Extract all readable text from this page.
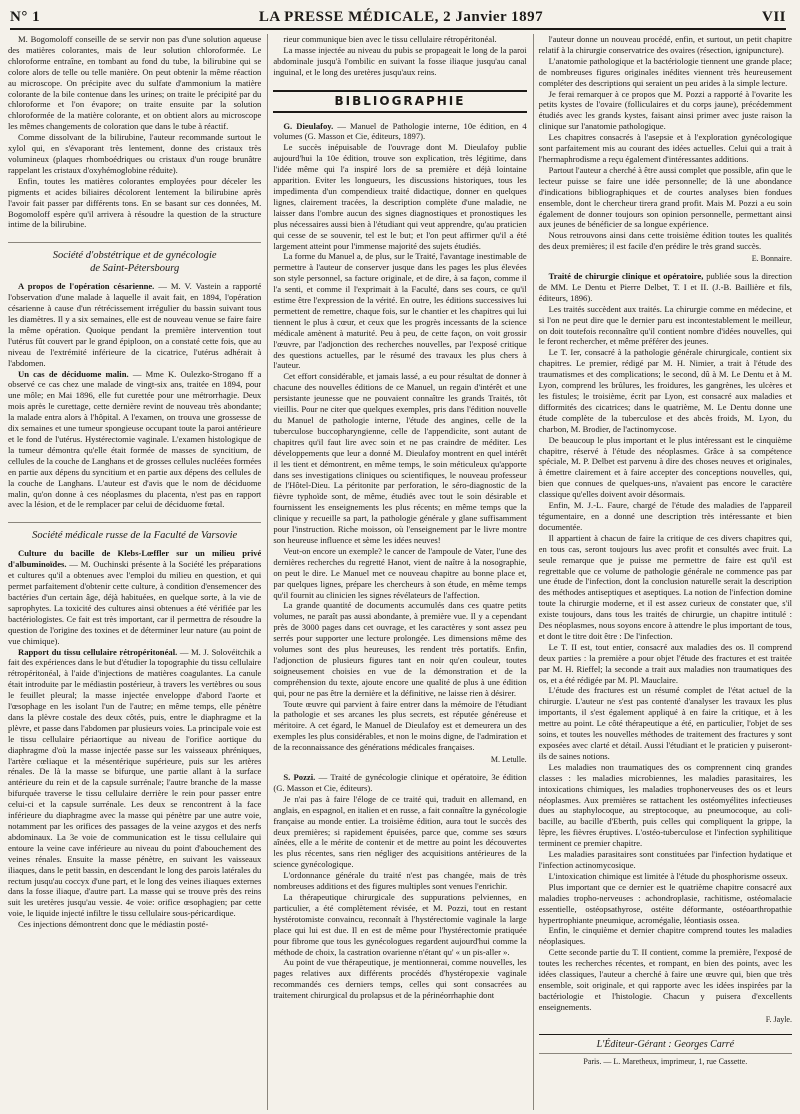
N° 1	LA PRESSE MÉDICALE, 2 Janvier 1897	VII

M. Bogomoloff conseille de se servir non pas d'une solution aqueuse des matières colorantes, mais de leur solution chloroformée. Le chloroforme entraîne, en tombant au fond du tube, la bilirubine qui se colore alors de telle ou telle manière. On peut obtenir la même réaction au microscope. On précipite avec du sulfate d'ammonium la matière colorante de la bile contenue dans les urines; on traite le précipité par du chloroforme et l'on évapore; on traite ensuite par la solution chloroformée de la matière colorante, et on obtient alors au microscope les mêmes changements de coloration que dans le tube à réactif.

Comme dissolvant de la bilirubine, l'auteur recommande surtout le xylol qui, en s'évaporant très lentement, donne des cristaux très volumineux (plaques rhomboédriques ou cristaux d'un rouge brunâtre rappelant les cristaux d'oxyhémoglobine réduite).

Enfin, toutes les matières colorantes employées pour déceler les pigments et acides biliaires décolorent lentement la bilirubine après l'avoir fait passer par différents tons. En se basant sur ces données, M. Bogomoloff espère qu'il arrivera à résoudre la question de la structure intime de la bilirubine.

Société d'obstétrique et de gynécologie
de Saint-Pétersbourg

A propos de l'opération césarienne. — M. V. Vastein a rapporté l'observation d'une malade à laquelle il avait fait, en 1894, l'opération césarienne à cause d'un rétrécissement irrégulier du bassin suivant tous les diamètres. Il y a six semaines, elle est de nouveau venue se faire faire la même opération. Quoique pendant la première intervention tout l'utérus fût couvert par le grand épiploon, on a constaté cette fois, que au niveau de l'extrémité inférieure de la cicatrice, l'utérus adhérait à l'abdomen.

Un cas de déciduome malin. — Mme K. Oulezko-Strogano ff a observé ce cas chez une malade de vingt-six ans, traitée en 1894, pour une môle; en Mai 1896, elle fut curettée pour une métrorrhagie. Deux mois après le curettage, cette dernière revint de nouveau très abondante; la malade entra alors à l'hôpital. A l'examen, on trouva une grossesse de dix semaines et une tumeur spongieuse occupant toute la paroi antérieure et le fond de l'utérus. Hystérectomie vaginale. L'examen histologique de la tumeur démontra qu'elle était formée de masses de syncitium, de cellules de la couche de Langhans et de grosses cellules nucléées formées en partie aux dépens du syncitium et en partie aux dépens des cellules de la couche de Langhans. L'auteur est d'avis que le nom de déciduome malin, qu'on donne à ces néoplasmes du placenta, n'est pas en rapport avec la lésion, et de le remplacer par celui de déciduome fœtal.

Société médicale russe de la Faculté de Varsovie

Culture du bacille de Klebs-Lœffler sur un milieu privé d'albuminoïdes. — M. Ouchinski présente à la Société les préparations et cultures qu'il a obtenues avec l'emploi du milieu en question, et qui permet parfaitement d'obtenir cette culture, à condition d'ensemencer des bactéries d'un certain âge, déjà habituées, en quelque sorte, à la vie de saprophytes. La toxicité des cultures ainsi obtenues a été vérifiée par les bactériologistes. Ce fait est très important, car il permettra de résoudre la question de l'origine des toxines et de déterminer leur nature (au point de vue chimique).

Rapport du tissu cellulaire rétropéritonéal. — M. J. Solovéitchik a fait des expériences dans le but d'étudier la topographie du tissu cellulaire rétropéritonéal, à l'aide d'injections de matières coagulantes. La canule était introduite par le médiastin postérieur, à travers les vertèbres ou sous le feuillet pleural; la masse injectée enveloppe d'abord l'aorte et l'œsophage en les isolant l'un de l'autre; en même temps, elle pénètre dans la plèvre costale des deux côtés, puis, entre le diaphragme et la plèvre, et passe dans l'abdomen par plusieurs voies. La principale voie est le tissu cellulaire périaortique au niveau de l'orifice aortique du diaphragme d'où la masse injectée passe sur les vaisseaux phréniques, l'artère cœliaque et la mésentérique supérieure, puis sur les artères rénales. De là la masse se bifurque, une partie allant à la surface antérieure du rein et de la capsule surrénale; l'autre branche de la masse bifurquée traverse le tissu cellulaire derrière le rein pour passer entre celui-ci et la capsule surrénale. Les deux se rencontrent à la face inférieure du diaphragme avec la masse qui pénètre par une autre voie, notamment par les orifices des passages de la veine azygos et des nerfs abdominaux. La 3e voie de communication est le tissu cellulaire qui entoure la veine cave inférieure au niveau du point d'abouchement des veines rénales. Ensuite la masse pénètre, en suivant les vaisseaux iliaques, dans le petit bassin, en descendant le long des parois latérales du rectum jusqu'au coccyx d'une part, et le long des veines iliaques externes dans la fosse iliaque, d'autre part. La masse qui se trouve près des reins suit les uretères jusqu'au vessie. 4e voie: orifice œsophagien; par cette voie, le liquide injecté infiltre le tissu cellulaire sous-péricardique.

Ces injections démontrent donc que le médiastin posté-

rieur communique bien avec le tissu cellulaire rétropéritonéal.

La masse injectée au niveau du pubis se propageait le long de la paroi abdominale jusqu'à l'ombilic en suivant la fosse iliaque jusqu'au canal inguinal, et le long des uretères jusqu'aux reins.

BIBLIOGRAPHIE

G. Dieulafoy. — Manuel de Pathologie interne, 10e édition, en 4 volumes (G. Masson et Cie, éditeurs, 1897).

Le succès inépuisable de l'ouvrage dont M. Dieulafoy publie aujourd'hui la 10e édition, trouve son explication, très légitime, dans l'idée même qui l'a inspiré lors de sa première et déjà lointaine apparition. Eviter les longueurs, les discussions historiques, tous les impedimenta d'un compendieux traité didactique, donner en quelques lignes, clairement tracées, la description complète d'une maladie, ne laisser dans l'ombre aucun des signes diagnostiques et pronostiques les plus nécessaires aussi bien à l'étudiant qui veut apprendre, qu'au praticien qui cesse de se souvenir, tel est le but; et l'on peut affirmer qu'il a été largement atteint pour l'immense majorité des sujets étudiés.

La forme du Manuel a, de plus, sur le Traité, l'avantage inestimable de permettre à l'auteur de conserver jusque dans les pages les plus élevées son style personnel, sa facture originale, et de dire, à sa façon, comme il l'a senti, et comme il l'exprimait à la Faculté, dans ses cours, ce qu'il estime être l'expression de la vérité. En outre, les éditions successives lui permettent de remettre, chaque fois, sur le chantier et les chapitres qui lui tiennent le plus à cœur, et ceux que les progrès incessants de la science médicale amènent à maturité. Peu à peu, de cette façon, on voit grossir l'œuvre, par l'adjonction des recherches nouvelles, par l'exposé critique des questions actuelles, par le résumé des travaux les plus chers à l'auteur.

Cet effort considérable, et jamais lassé, a eu pour résultat de donner à chacune des nouvelles éditions de ce Manuel, un regain d'intérêt et une persistante jeunesse que ne pouvaient connaître les grands Traités, tôt vieillis. Pour ne citer que quelques exemples, pris dans l'édition nouvelle du Manuel de pathologie interne, l'étude des angines, celle de la tuberculose buccopharyngienne, celle de l'appendicite, sont autant de chapitres qu'il faut lire avec soin et ne pas craindre de méditer. Les développements que leur a donné M. Dieulafoy montrent en quel intérêt il les tient et démontrent, en même temps, le soin méticuleux qu'apporte dans ses investigations cliniques ou scientifiques, le nouveau professeur de l'Hôtel-Dieu. La péritonite par perforation, le séro-diagnostic de la fièvre typhoïde sont, de même, étudiés avec tout le soin désirable et fournissent les enseignements les plus récents; en même temps que la clinique y recueille sa part, la pathologie générale y glane suffisamment pour l'instruction. Riche moisson, où l'enseignement par le livre montre son heureuse influence et sème les idées neuves!

Veut-on encore un exemple? le cancer de l'ampoule de Vater, l'une des dernières recherches du regretté Hanot, vient de naître à la nosographie, on peut le dire. Le Manuel met ce nouveau chapitre au bonne place et, par quelques lignes, prépare les chercheurs à son étude, en même temps qu'il fournit au clinicien les signes révélateurs de l'affection.

La grande quantité de documents accumulés dans ces quatre petits volumes, ne paraît pas aussi abondante, à première vue. Il y a cependant près de 3000 pages dans cet ouvrage, et les caractères y sont assez peu serrés pour supporter une lecture prolongée. Les dimensions même des volumes sont des plus heureuses, les rendent très portatifs. Enfin, l'adjonction de plusieurs figures tant en noir qu'en couleur, toutes soigneusement choisies en vue de la démonstration et de la compréhension du texte, ajoute encore une qualité de plus à une édition qui, pour ne pas être la dernière et la définitive, ne laisse rien à désirer.

Toute œuvre qui parvient à faire entrer dans la mémoire de l'étudiant la pathologie et ses arcanes les plus secrets, est réputée généreuse et méritoire. A cet égard, le Manuel de Dieulafoy est et demeurera un des exemples les plus considérables, et non le moins digne, de l'admiration et de la reconnaissance des générations médicales françaises.

M. Letulle.

S. Pozzi. — Traité de gynécologie clinique et opératoire, 3e édition (G. Masson et Cie, éditeurs).

Je n'ai pas à faire l'éloge de ce traité qui, traduit en allemand, en anglais, en espagnol, en italien et en russe, a fait connaître la gynécologie française au monde entier. La troisième édition, aura tout le succès des deux premières; si rapidement épuisées, parce que, comme ses sœurs aînées, elle a le mérite de contenir et de mettre au point les découvertes les plus récentes, sans rien négliger des acquisitions antérieures de la science gynécologique.

L'ordonnance générale du traité n'est pas changée, mais de très nombreuses additions et des figures multiples sont venues l'enrichir.

La thérapeutique chirurgicale des suppurations pelviennes, en particulier, a été complètement révisée, et M. Pozzi, tout en restant hystérotomiste convaincu, reconnaît à l'hystérectomie vaginale la large place qui lui est due. Il en est de même pour l'hystérectomie pratiquée pour fibrome que tous les gynécologues regardent aujourd'hui comme la méthode de choix, la castration ovarienne n'étant qu' « un pis-aller ».

Au point de vue thérapeutique, je mentionnerai, comme nouvelles, les pages relatives aux différents procédés d'hystéropexie vaginale recommandés ces derniers temps, celles qui sont consacrées au traitement chirurgical du prolapsus et de la périnéorrhaphie dont

l'auteur donne un nouveau procédé, enfin, et surtout, un petit chapitre relatif à la chirurgie conservatrice des ovaires (résection, ignipuncture).

L'anatomie pathologique et la bactériologie tiennent une grande place; de nombreuses figures originales inédites viennent très heureusement compléter des descriptions qui seraient un peu arides à la simple lecture.

Je ferai remarquer à ce propos que M. Pozzi a rapporté à l'ovarite les petits kystes de l'ovaire (folliculaires et du corps jaune), précédemment étudiés avec les grands kystes, faisant ainsi primer avec juste raison la clinique sur l'anatomie pathologique.

Les chapitres consacrés à l'asepsie et à l'exploration gynécologique sont parfaitement mis au courant des idées actuelles. Celui qui a trait à l'hermaphrodisme a reçu également d'intéressantes additions.

Partout l'auteur a cherché à être aussi complet que possible, afin que le lecteur puisse se faire une idée personnelle; de là une abondance d'indications bibliographiques et de courtes analyses bien fondues ensemble, dont le chercheur tirera grand profit. Mais M. Pozzi a eu soin également de donner toujours son opinion personnelle, permettant ainsi aux jeunes de bénéficier de sa longue expérience.

Nous retrouvons ainsi dans cette troisième édition toutes les qualités des deux premières; il est facile d'en prédire le très grand succès.

E. Bonnaire.

Traité de chirurgie clinique et opératoire, publiée sous la direction de MM. Le Dentu et Pierre Delbet, T. I et II. (J.-B. Baillière et fils, éditeurs, 1896).

Les traités succèdent aux traités. La chirurgie comme en médecine, et si l'on ne peut dire que le dernier paru est incontestablement le meilleur, on doit toutefois reconnaître qu'il contient nombre d'idées nouvelles, qui le feront rechercher, et même préférer des jeunes.

Le T. Ier, consacré à la pathologie générale chirurgicale, contient six chapitres. Le premier, rédigé par M. H. Nimier, a trait à l'étude des traumatismes et des complications; le second, dû à M. Le Dentu et à M. Lyon, comprend les brûlures, les froidures, les gangrènes, les ulcères et les fistules; le troisième, écrit par Lyon, est consacré aux maladies et difformités des cicatrices; dans le quatrième, M. Le Dentu donne une étude complète de la tuberculose et des abcès froids, M. Lyon, du charbon, M. Brodier, de l'actinomycose.

De beaucoup le plus important et le plus intéressant est le cinquième chapitre, réservé à l'étude des néoplasmes. Grâce à sa compétence spéciale, M. P. Delbet est parvenu à dire des choses neuves et originales, à émettre clairement et à faire accepter des conceptions nouvelles, qui, bien que connues de quelques-uns, n'avaient pas encore le caractère classique qu'elles doivent avoir désormais.

Enfin, M. J.-L. Faure, chargé de l'étude des maladies de l'appareil tégumentaire, en a donné une description très intéressante et bien documentée.

Il appartient à chacun de faire la critique de ces divers chapitres qui, en tous cas, seront toujours lus avec profit et consultés avec fruit. La seule remarque que je puisse me permettre de faire est qu'il est regrettable que ce volume de pathologie générale ne commence pas par une étude de l'infection, dont la conclusion naturelle serait la description des méthodes antiseptiques et aseptiques. La notion de l'infection domine toute la chirurgie moderne, et il est assez curieux de constater que, s'il existe toujours, dans tous les traités de chirurgie, un chapitre intitulé : Des néoplasmes, nous soyons encore à attendre le plus important de tous, et dont le titre doit être : De l'infection.

Le T. II est, tout entier, consacré aux maladies des os. Il comprend deux parties : la première a pour objet l'étude des fractures et est traitée par M. H. Rieffel; la seconde a trait aux maladies non traumatiques des os, et a été rédigée par M. Pl. Mauclaire.

L'étude des fractures est un résumé complet de l'état actuel de la chirurgie. L'auteur ne s'est pas contenté d'analyser les travaux les plus importants, il s'est également appliqué à en faire la critique, et à les mettre au point. Le côté thérapeutique a été, en particulier, l'objet de ses soins, et toutes les nouvelles méthodes de traitement des fractures y sont exposées avec clarté et détail. Aussi l'étudiant et le praticien y puiseront-ils de saines notions.

Les maladies non traumatiques des os comprennent cinq grandes classes : les maladies microbiennes, les maladies parasitaires, les intoxications chimiques, les maladies trophonerveuses des os et leurs néoplasmes. Aux premières se rattachent les ostéomyélites infectieuses dues au staphylocoque, au streptocoque, au pneumocoque, au coli-bacille, au bacille d'Eberth, puis celles qui compliquent la grippe, la lèpre, les fièvres éruptives. L'ostéo-tuberculose et l'infection syphilitique terminent ce premier chapitre.

Les maladies parasitaires sont constituées par l'infection hydatique et l'infection actinomycosique.

L'intoxication chimique est limitée à l'étude du phosphorisme osseux.

Plus important que ce dernier est le quatrième chapitre consacré aux maladies tropho-nerveuses : achondroplasie, rachitisme, ostéomalacie essentielle, ostéopsathyrose, ostéite déformante, ostéoarthropathie hypertrophiante pneumique, acromégalie, léontiasis ossea.

Enfin, le cinquième et dernier chapitre comprend toutes les maladies néoplasiques.

Cette seconde partie du T. II contient, comme la première, l'exposé de toutes les recherches récentes, et rompant, en bien des points, avec les idées classiques, l'auteur a cherché à faire une œuvre qui, bien que très ensemble, soit originale, et qui rapporte avec les idées inspirées par la bactériologie et l'histologie. Chacun y puisera d'excellents enseignements.

F. Jayle.
L'Éditeur-Gérant : Georges Carré
Paris. — L. Maretheux, imprimeur, 1, rue Cassette.
